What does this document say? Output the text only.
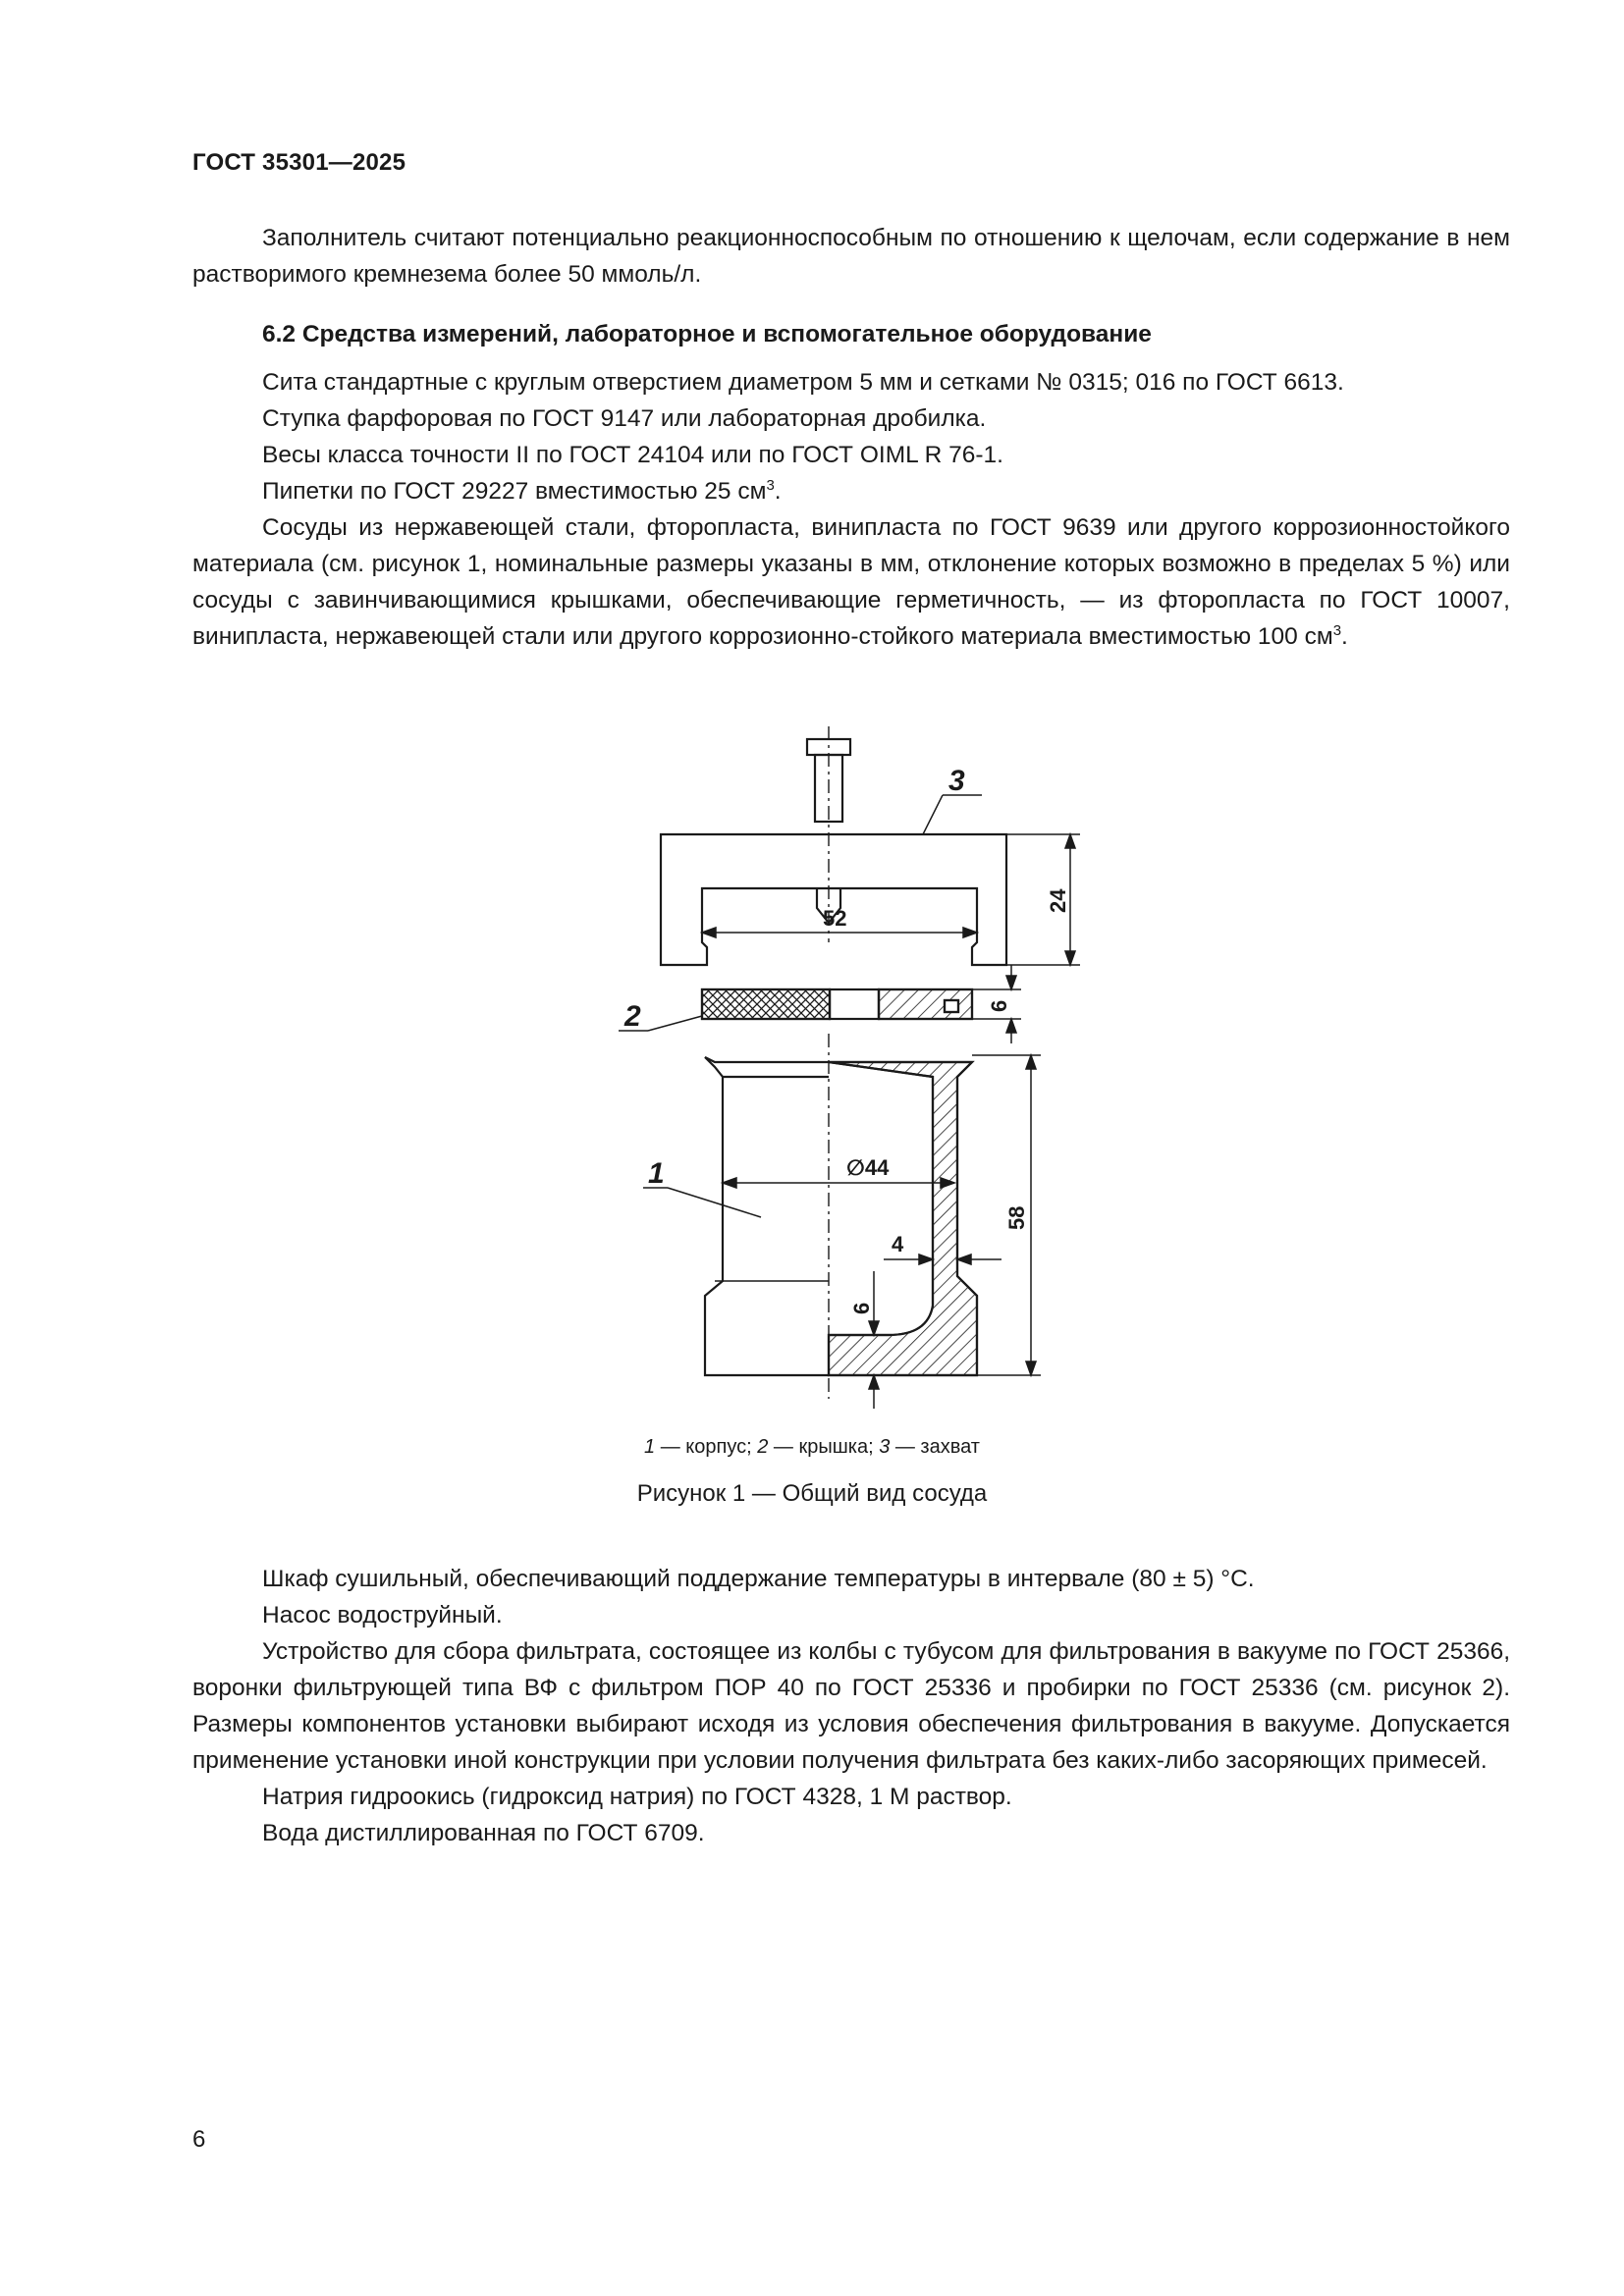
ГОСТ 35301—2025

Заполнитель считают потенциально реакционноспособным по отношению к щелочам, если содержание в нем растворимого кремнезема более 50 ммоль/л.

6.2 Средства измерений, лабораторное и вспомогательное оборудование

Сита стандартные с круглым отверстием диаметром 5 мм и сетками № 0315; 016 по ГОСТ 6613.

Ступка фарфоровая по ГОСТ 9147 или лабораторная дробилка.

Весы класса точности II по ГОСТ 24104 или по ГОСТ OIML R 76-1.

Пипетки по ГОСТ 29227 вместимостью 25 $см^3$.

Сосуды из нержавеющей стали, фторопласта, винипласта по ГОСТ 9639 или другого коррозионностойкого материала (см. рисунок 1, номинальные размеры указаны в мм, отклонение которых возможно в пределах 5 %) или сосуды с завинчивающимися крышками, обеспечивающие герметичность, — из фторопласта по ГОСТ 10007, винипласта, нержавеющей стали или другого коррозионно-стойкого материала вместимостью 100 $см^3$.

3
2
1
52
24
6
∅44
58
4
6
1 — корпус; 2 — крышка; 3 — захват
Рисунок 1 — Общий вид сосуда

Шкаф сушильный, обеспечивающий поддержание температуры в интервале (80 ± 5) °С.

Насос водоструйный.

Устройство для сбора фильтрата, состоящее из колбы с тубусом для фильтрования в вакууме по ГОСТ 25366, воронки фильтрующей типа ВФ с фильтром ПОР 40 по ГОСТ 25336 и пробирки по ГОСТ 25336 (см. рисунок 2). Размеры компонентов установки выбирают исходя из условия обеспечения фильтрования в вакууме. Допускается применение установки иной конструкции при условии получения фильтрата без каких-либо засоряющих примесей.

Натрия гидроокись (гидроксид натрия) по ГОСТ 4328, 1 М раствор.

Вода дистиллированная по ГОСТ 6709.

6
